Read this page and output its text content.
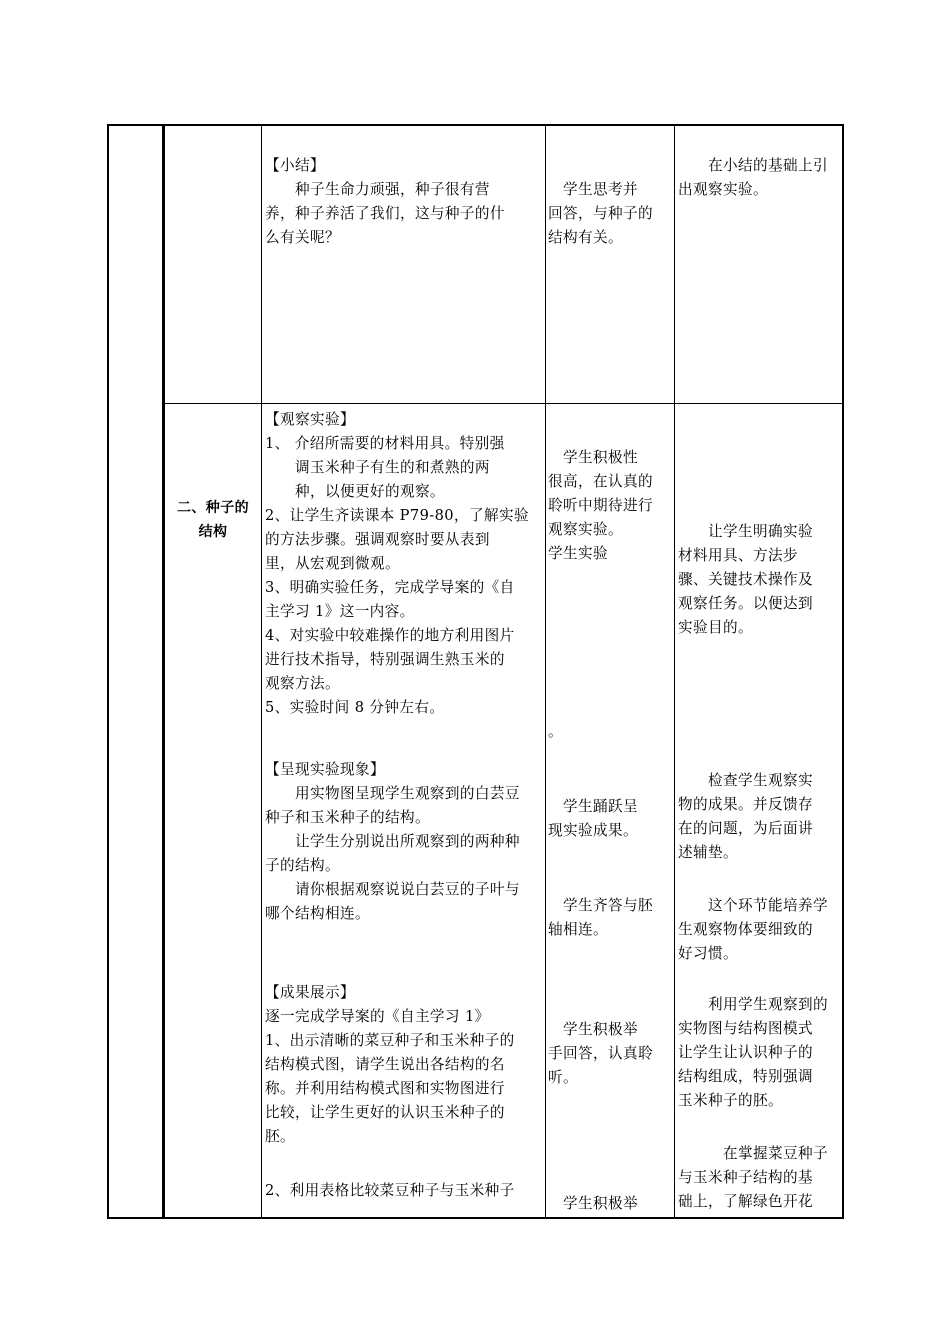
【小结】
　　种子生命力顽强，种子很有营
养，种子养活了我们，这与种子的什
么有关呢？
　学生思考并
回答，与种子的
结构有关。
　　在小结的基础上引
出观察实验。
二、种子的
结构
【观察实验】
1、 介绍所需要的材料用具。特别强
　　调玉米种子有生的和煮熟的两
　　种，以便更好的观察。
2、让学生齐读课本 P79-80，了解实验
的方法步骤。强调观察时要从表到
里，从宏观到微观。
3、明确实验任务，完成学导案的《自
主学习 1》这一内容。
4、对实验中较难操作的地方利用图片
进行技术指导，特别强调生熟玉米的
观察方法。
5、实验时间 8 分钟左右。
【呈现实验现象】
　　用实物图呈现学生观察到的白芸豆
种子和玉米种子的结构。
　　让学生分别说出所观察到的两种种
子的结构。
　　请你根据观察说说白芸豆的子叶与
哪个结构相连。
【成果展示】
逐一完成学导案的《自主学习 1》
1、出示清晰的菜豆种子和玉米种子的
结构模式图，请学生说出各结构的名
称。并利用结构模式图和实物图进行
比较，让学生更好的认识玉米种子的
胚。
2、利用表格比较菜豆种子与玉米种子
　学生积极性
很高，在认真的
聆听中期待进行
观察实验。
学生实验
。
　学生踊跃呈
现实验成果。
　学生齐答与胚
轴相连。
　学生积极举
手回答，认真聆
听。
　学生积极举
　　让学生明确实验
材料用具、方法步
骤、关键技术操作及
观察任务。以便达到
实验目的。
　　检查学生观察实
物的成果。并反馈存
在的问题，为后面讲
述辅垫。
　　这个环节能培养学
生观察物体要细致的
好习惯。
　　利用学生观察到的
实物图与结构图模式
让学生让认识种子的
结构组成，特别强调
玉米种子的胚。
　　　在掌握菜豆种子
与玉米种子结构的基
础上，了解绿色开花
